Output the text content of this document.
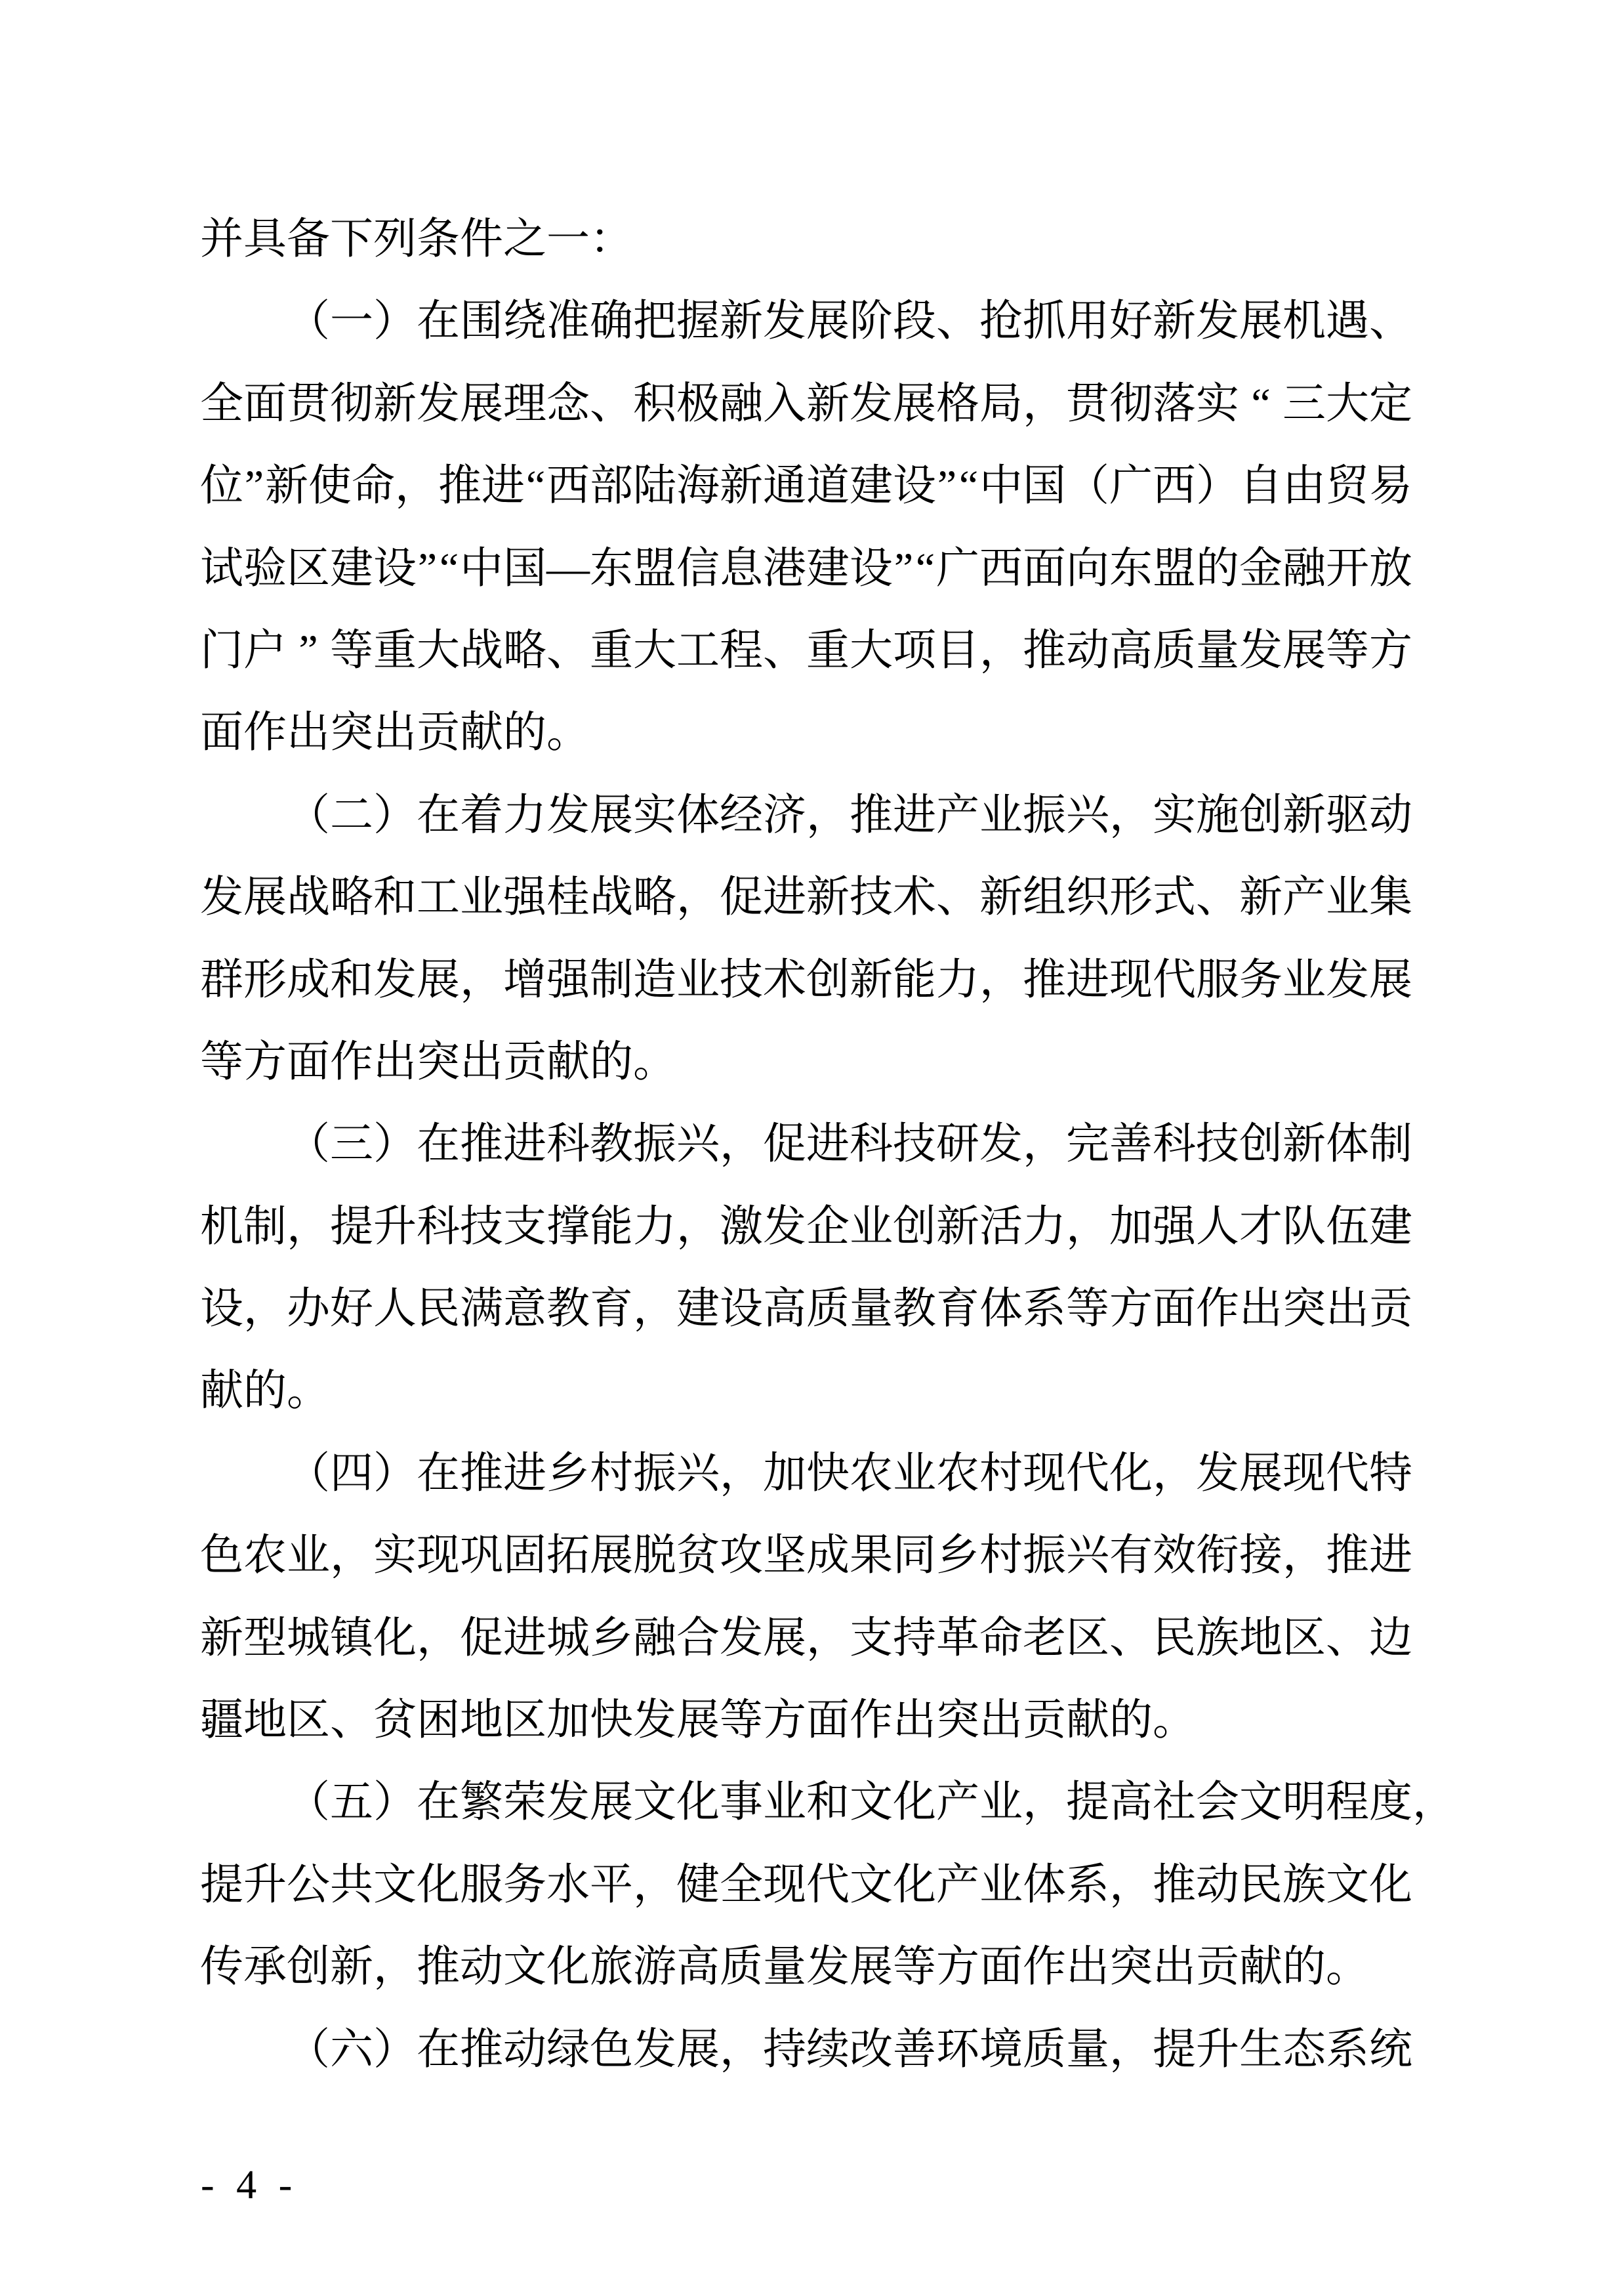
并 具 备 下 列 条 件 之 一 ：
（ 一 ） 在 围 绕 准 确 把 握 新 发 展 阶 段 、 抢 抓 用 好 新 发 展 机 遇 、
全 面 贯 彻 新 发 展 理 念 、 积 极 融 入 新 发 展 格 局 ， 贯 彻 落 实 “ 三 大 定
位 ” 新 使 命 ， 推 进 “ 西 部 陆 海 新 通 道 建 设 ” “ 中 国 （ 广 西 ） 自 由 贸 易
试 验 区 建 设 ” “ 中 国 — 东 盟 信 息 港 建 设 ” “ 广 西 面 向 东 盟 的 金 融 开 放
门 户 ” 等 重 大 战 略 、 重 大 工 程 、 重 大 项 目 ， 推 动 高 质 量 发 展 等 方
面 作 出 突 出 贡 献 的 。
（ 二 ） 在 着 力 发 展 实 体 经 济 ， 推 进 产 业 振 兴 ， 实 施 创 新 驱 动
发 展 战 略 和 工 业 强 桂 战 略 ， 促 进 新 技 术 、 新 组 织 形 式 、 新 产 业 集
群 形 成 和 发 展 ， 增 强 制 造 业 技 术 创 新 能 力 ， 推 进 现 代 服 务 业 发 展
等 方 面 作 出 突 出 贡 献 的 。
（ 三 ） 在 推 进 科 教 振 兴 ， 促 进 科 技 研 发 ， 完 善 科 技 创 新 体 制
机 制 ， 提 升 科 技 支 撑 能 力 ， 激 发 企 业 创 新 活 力 ， 加 强 人 才 队 伍 建
设 ， 办 好 人 民 满 意 教 育 ， 建 设 高 质 量 教 育 体 系 等 方 面 作 出 突 出 贡
献 的 。
（ 四 ） 在 推 进 乡 村 振 兴 ， 加 快 农 业 农 村 现 代 化 ， 发 展 现 代 特
色 农 业 ， 实 现 巩 固 拓 展 脱 贫 攻 坚 成 果 同 乡 村 振 兴 有 效 衔 接 ， 推 进
新 型 城 镇 化 ， 促 进 城 乡 融 合 发 展 ， 支 持 革 命 老 区 、 民 族 地 区 、 边
疆 地 区 、 贫 困 地 区 加 快 发 展 等 方 面 作 出 突 出 贡 献 的 。
（ 五 ） 在 繁 荣 发 展 文 化 事 业 和 文 化 产 业 ， 提 高 社 会 文 明 程 度 ，
提 升 公 共 文 化 服 务 水 平 ， 健 全 现 代 文 化 产 业 体 系 ， 推 动 民 族 文 化
传 承 创 新 ， 推 动 文 化 旅 游 高 质 量 发 展 等 方 面 作 出 突 出 贡 献 的 。
（ 六 ） 在 推 动 绿 色 发 展 ， 持 续 改 善 环 境 质 量 ， 提 升 生 态 系 统
- 4 -
